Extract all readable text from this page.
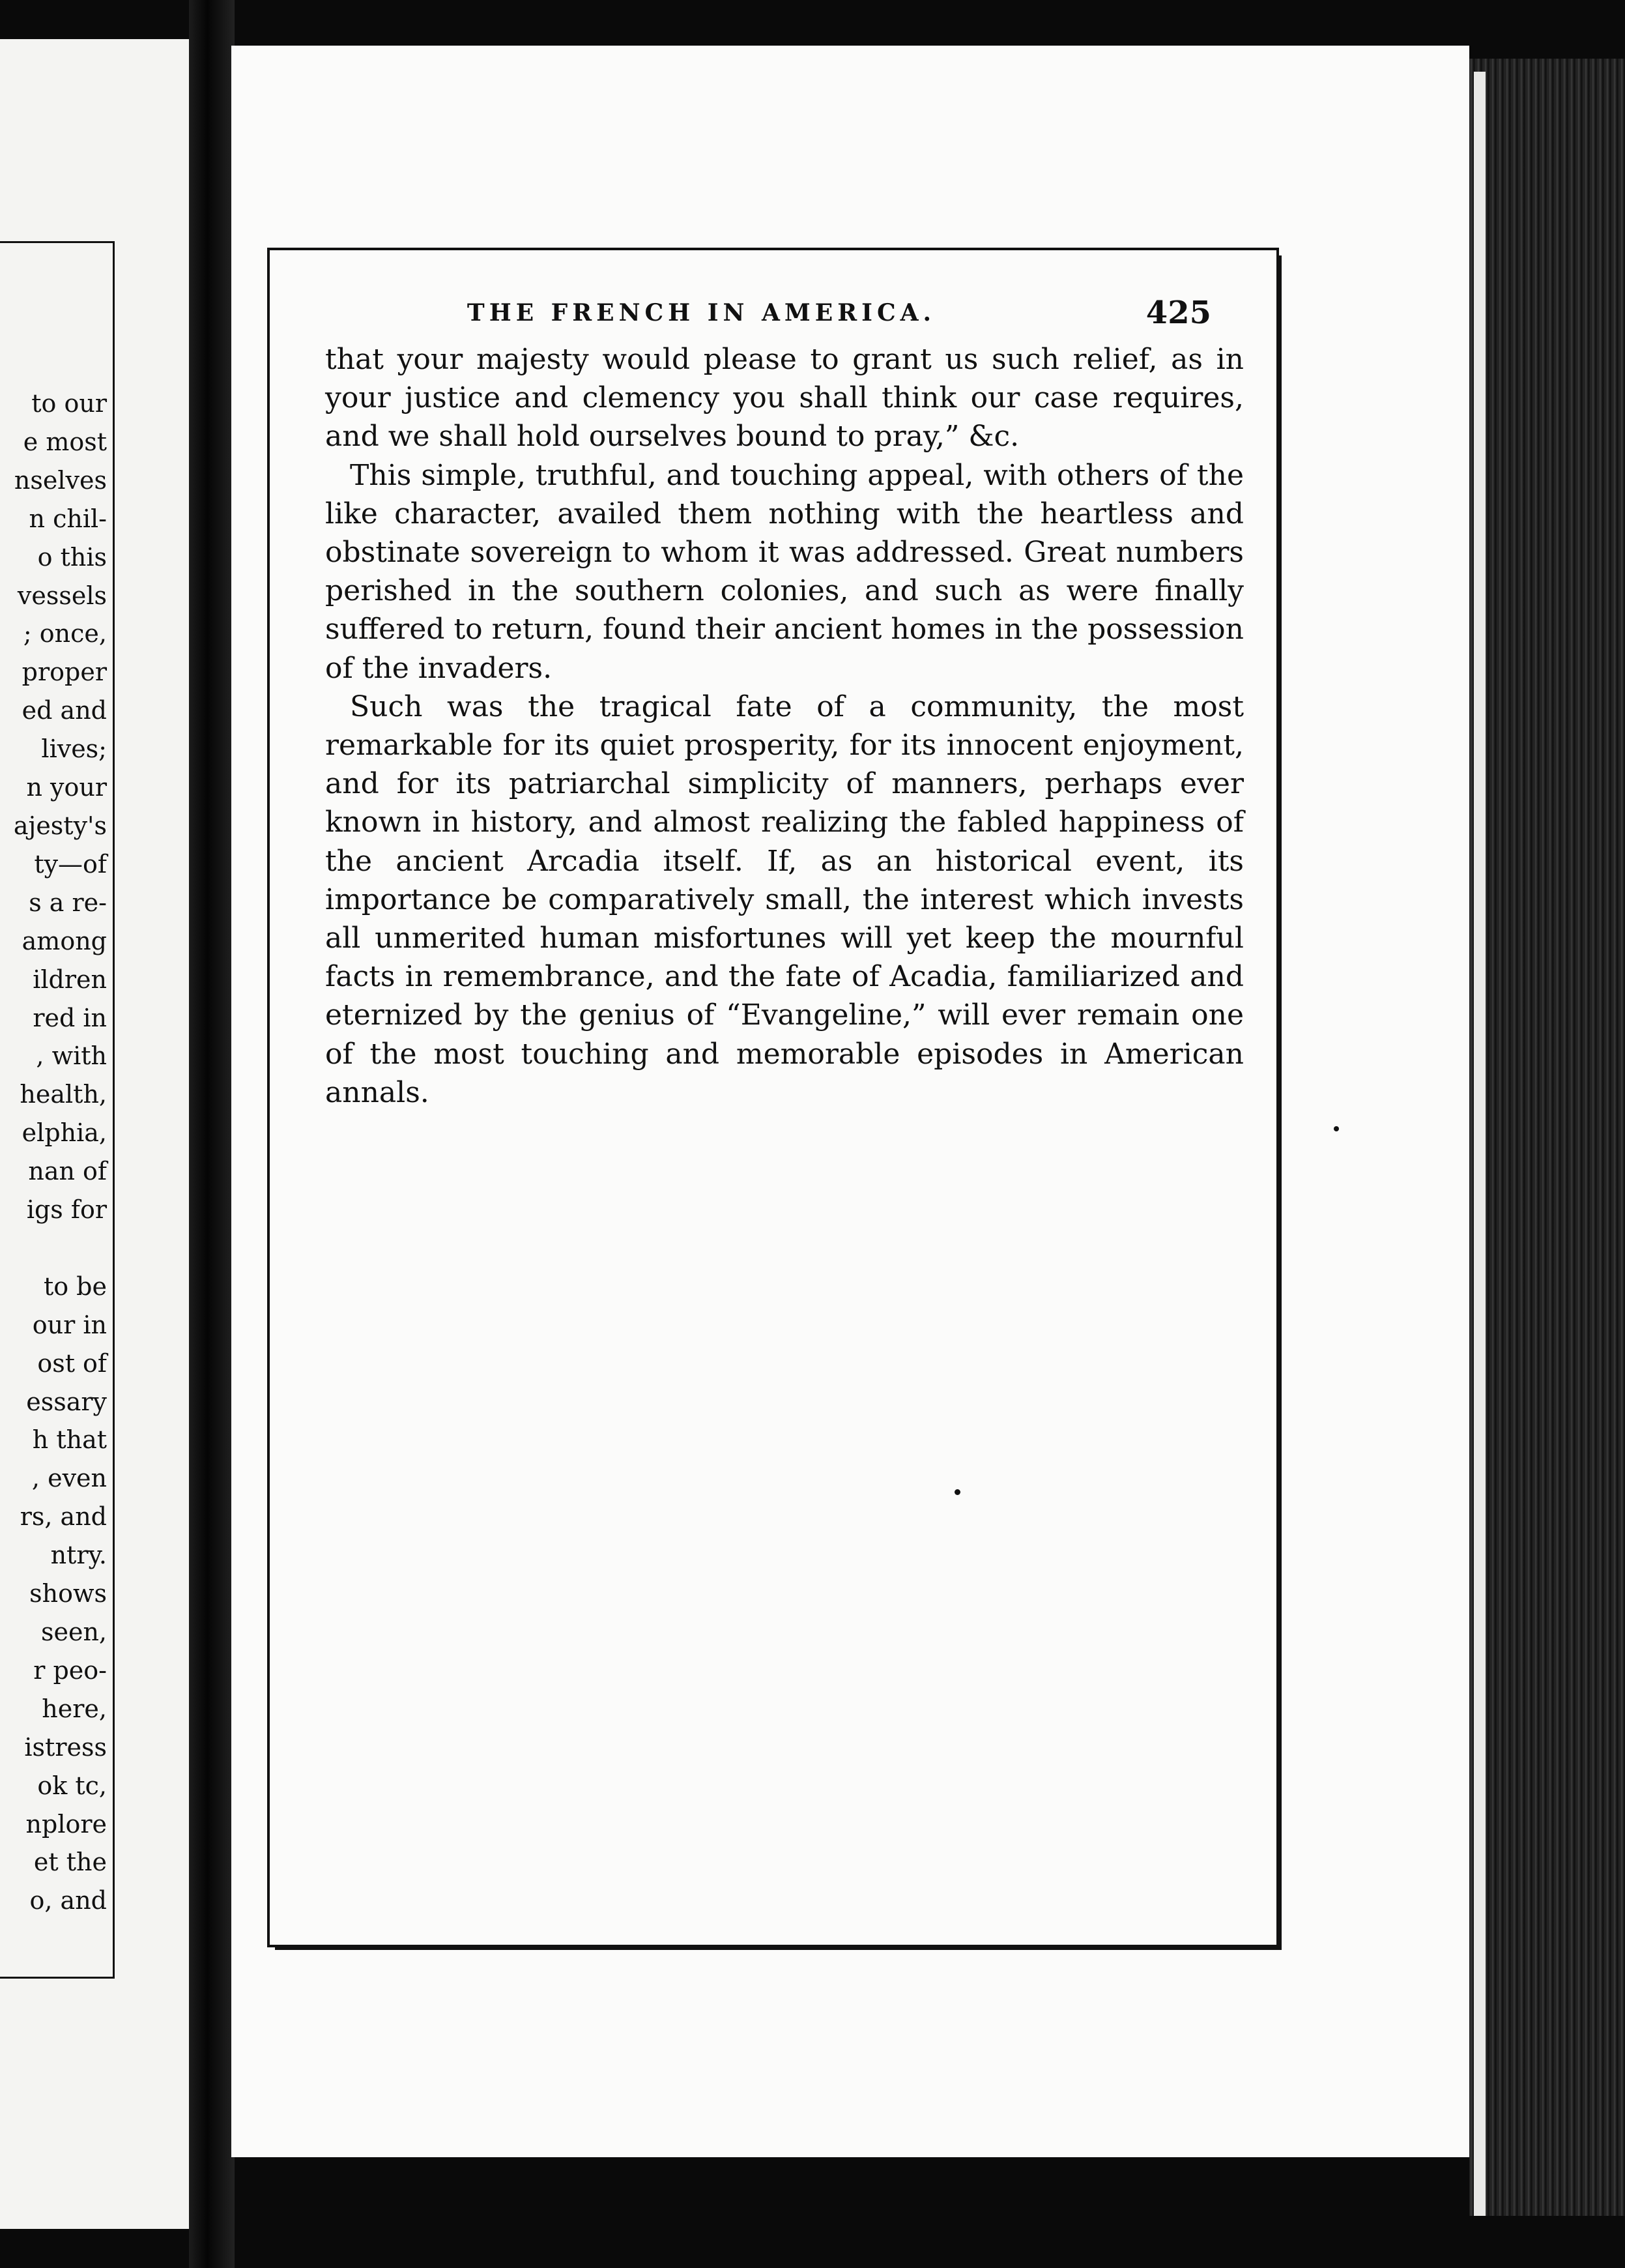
to our
e most
nselves
n chil-
o this
vessels
; once,
proper
ed and
lives;
n your
ajesty's
ty—of
s a re-
among
ildren
red in
, with
health,
elphia,
nan of
igs for

to be
our in
ost of
essary
h that
, even
rs, and
ntry.
shows
seen,
r peo-
here,
istress
ok tc,
nplore
et the
o, and
THE FRENCH IN AMERICA.	425

that your majesty would please to grant us such relief, as in your justice and clemency you shall think our case requires, and we shall hold ourselves bound to pray,” &c.

This simple, truthful, and touching appeal, with others of the like character, availed them nothing with the heartless and obstinate sovereign to whom it was addressed. Great numbers perished in the southern colonies, and such as were finally suffered to return, found their ancient homes in the possession of the invaders.

Such was the tragical fate of a community, the most remarkable for its quiet prosperity, for its innocent enjoyment, and for its patriarchal simplicity of manners, perhaps ever known in history, and almost realizing the fabled happiness of the ancient Arcadia itself. If, as an historical event, its importance be comparatively small, the interest which invests all unmerited human misfortunes will yet keep the mournful facts in remembrance, and the fate of Acadia, familiarized and eternized by the genius of “Evangeline,” will ever remain one of the most touching and memorable episodes in American annals.
